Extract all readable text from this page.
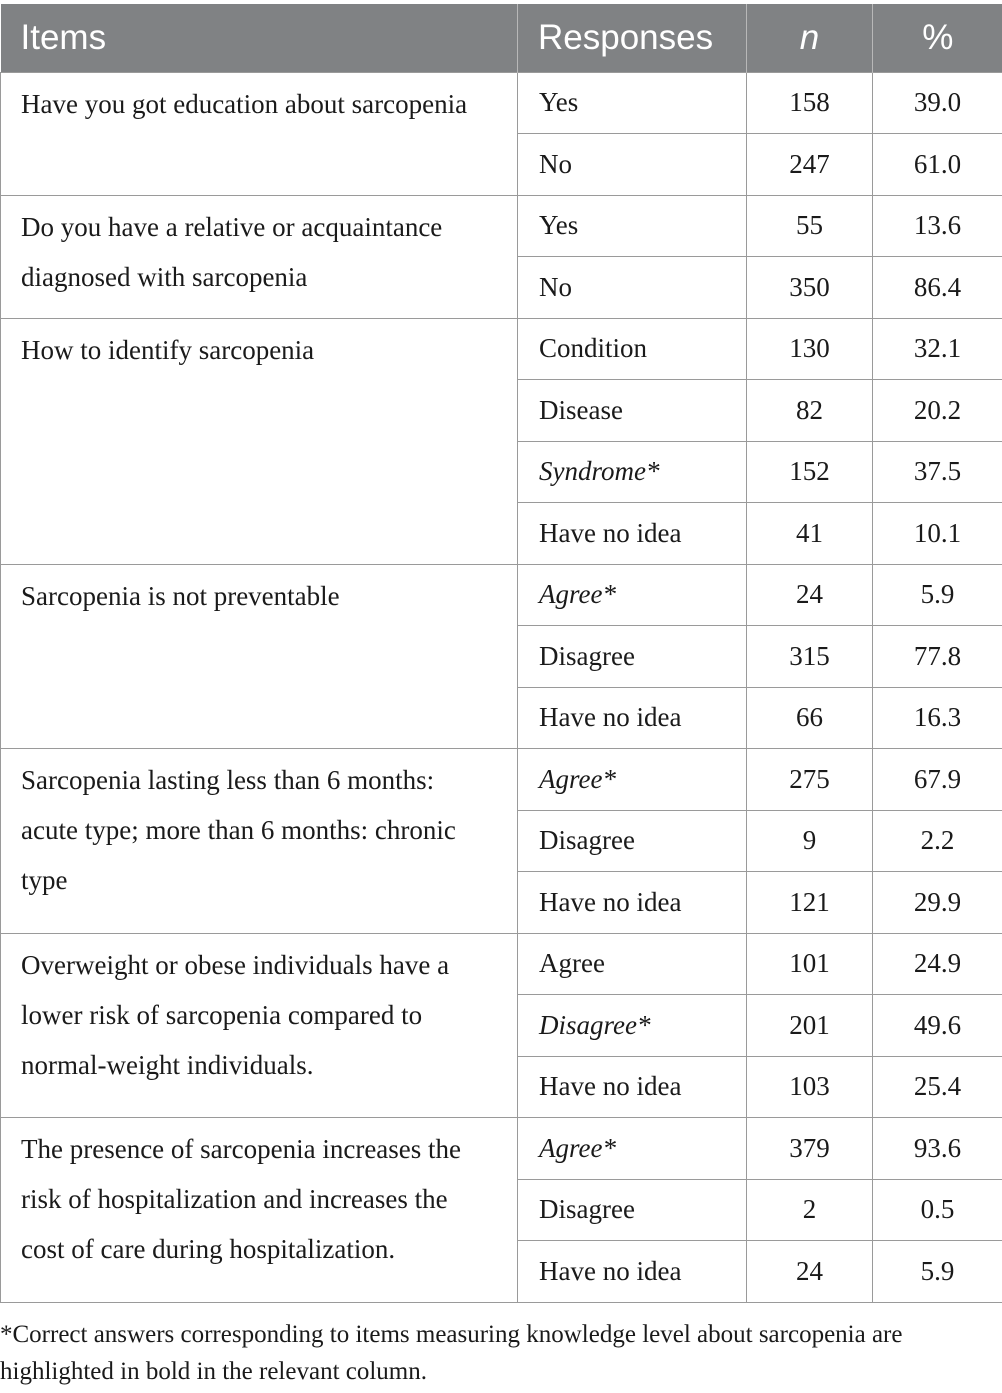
Items	Responses	n	%
Have you got education about sarcopenia	Yes	158	39.0
	No	247	61.0
Do you have a relative or acquaintance diagnosed with sarcopenia	Yes	55	13.6
	No	350	86.4
How to identify sarcopenia	Condition	130	32.1
	Disease	82	20.2
	Syndrome*	152	37.5
	Have no idea	41	10.1
Sarcopenia is not preventable	Agree*	24	5.9
	Disagree	315	77.8
	Have no idea	66	16.3
Sarcopenia lasting less than 6 months: acute type; more than 6 months: chronic type	Agree*	275	67.9
	Disagree	9	2.2
	Have no idea	121	29.9
Overweight or obese individuals have a lower risk of sarcopenia compared to normal-weight individuals.	Agree	101	24.9
	Disagree*	201	49.6
	Have no idea	103	25.4
The presence of sarcopenia increases the risk of hospitalization and increases the cost of care during hospitalization.	Agree*	379	93.6
	Disagree	2	0.5
	Have no idea	24	5.9
*Correct answers corresponding to items measuring knowledge level about sarcopenia are highlighted in bold in the relevant column.
